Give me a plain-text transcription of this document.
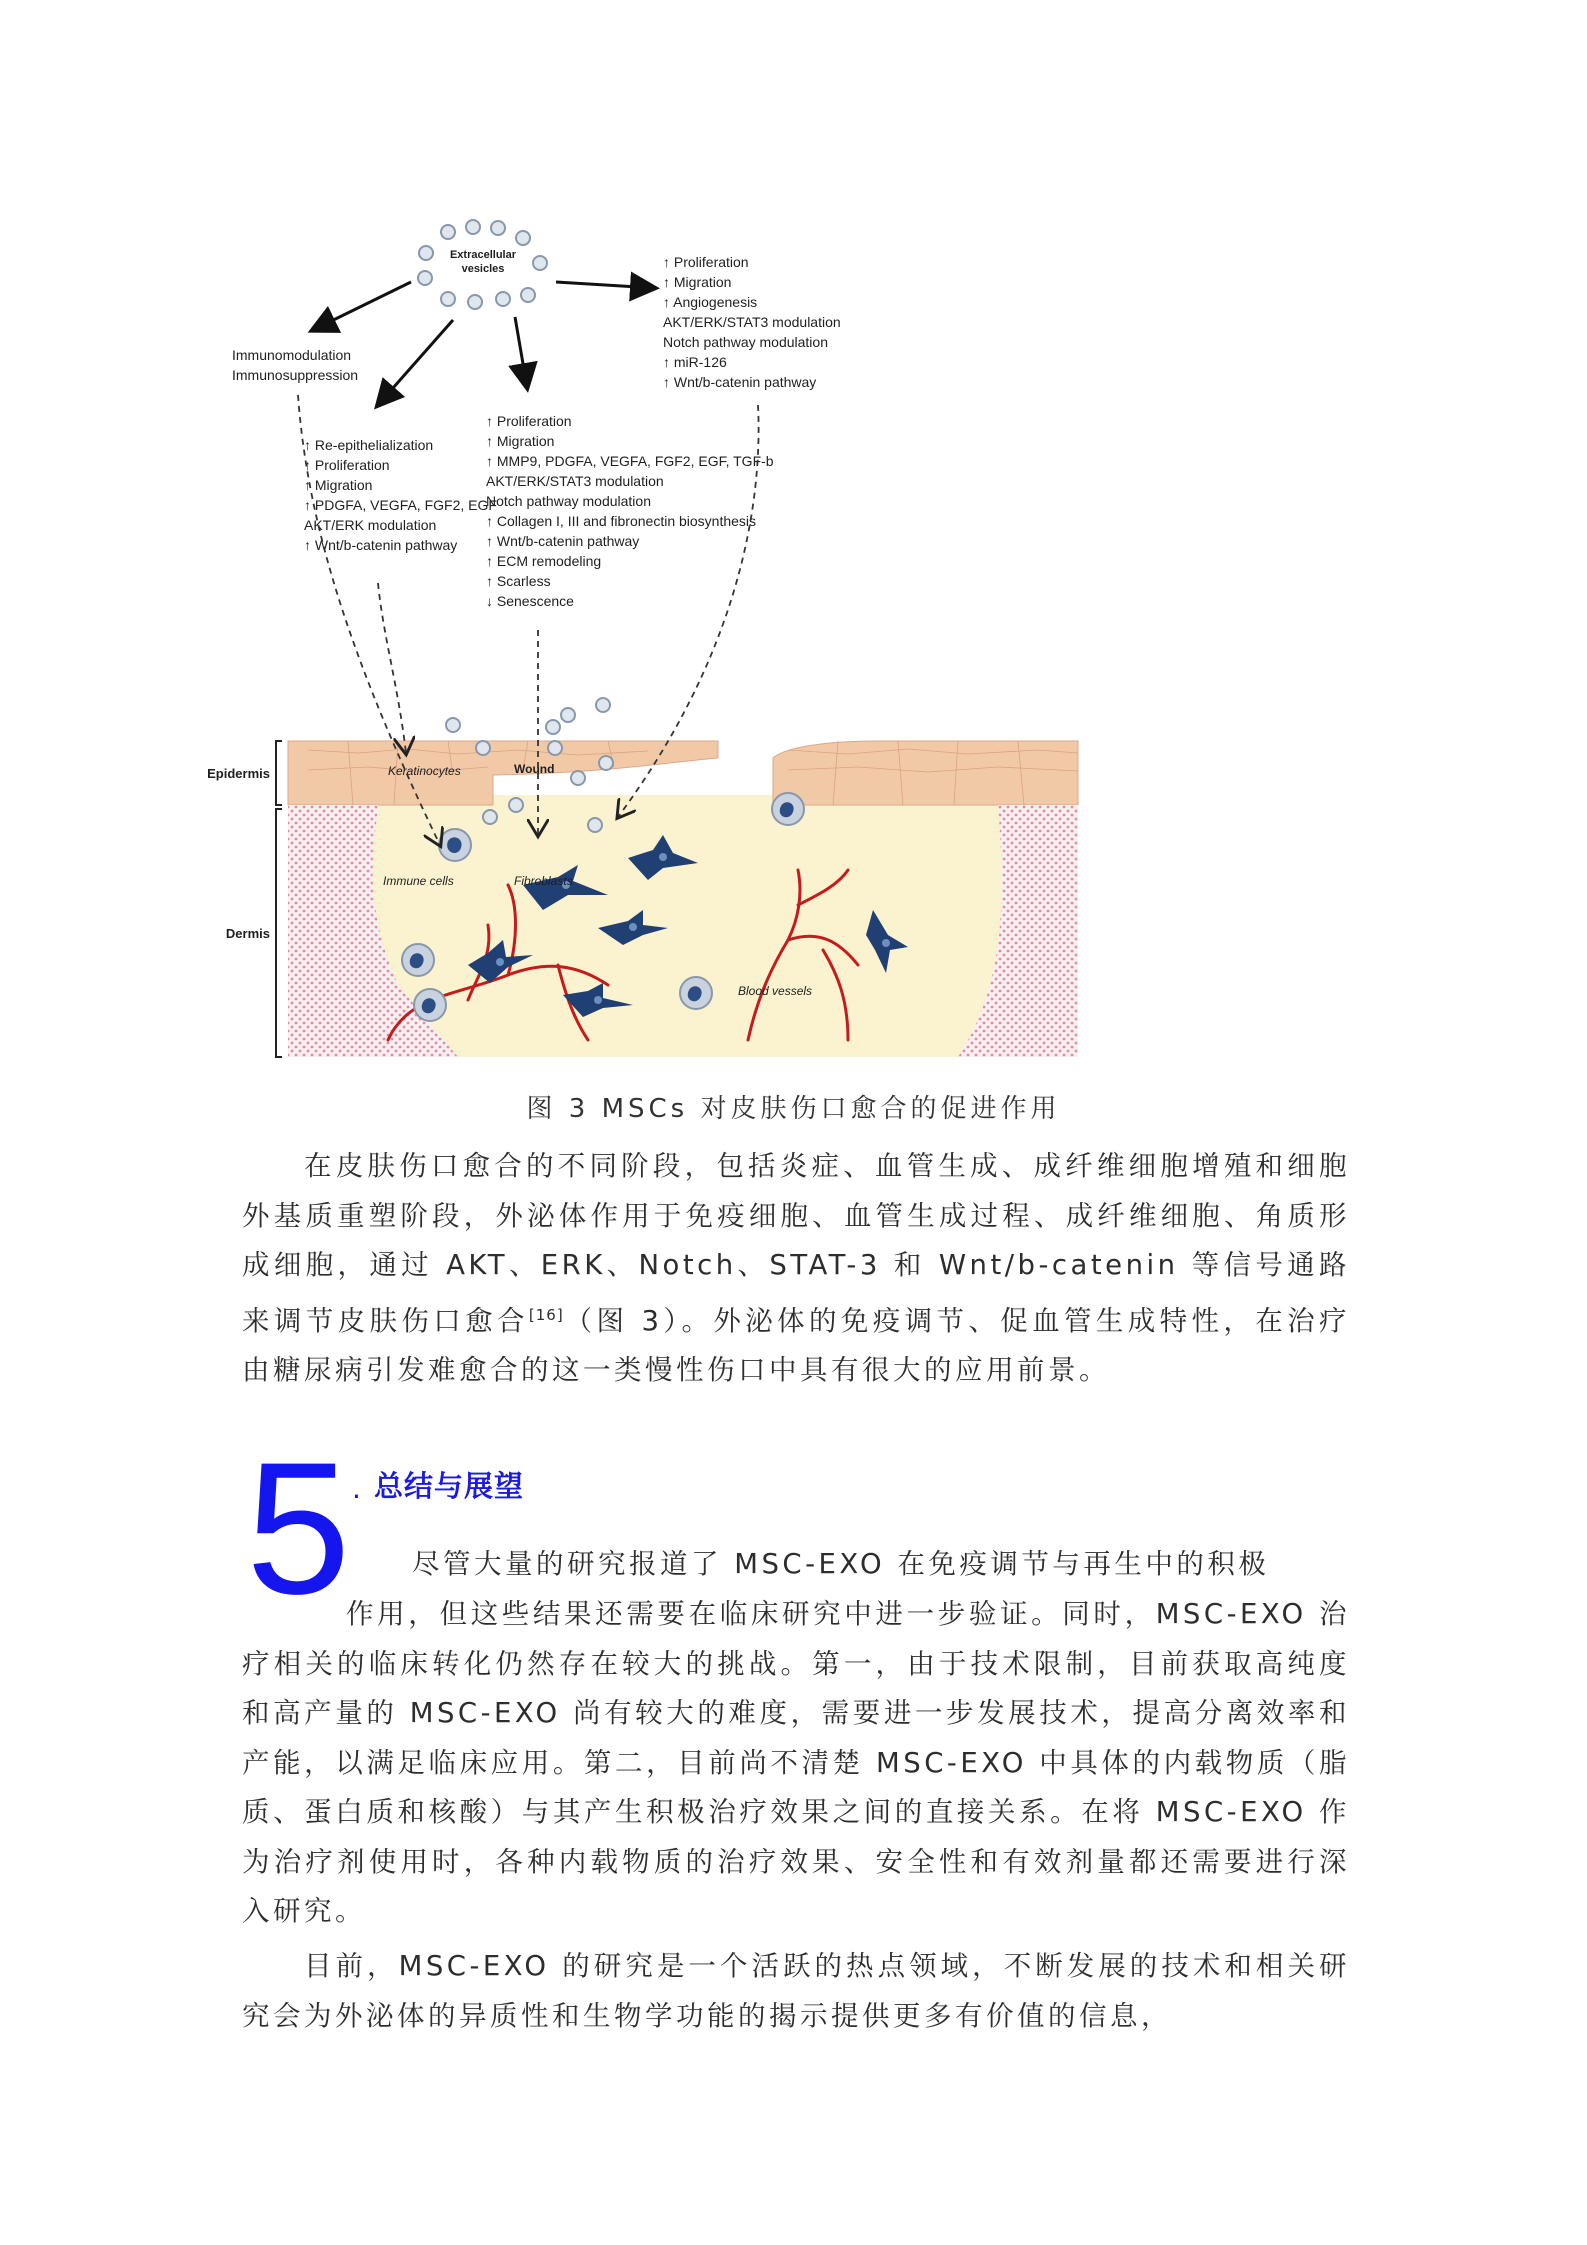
Extracellular
vesicles
Immunomodulation
Immunosuppression
↑ Re-epithelialization
↑ Proliferation
↑ Migration
↑ PDGFA, VEGFA, FGF2, EGF
AKT/ERK modulation
↑ Wnt/b-catenin pathway
↑ Proliferation
↑ Migration
↑ MMP9, PDGFA, VEGFA, FGF2, EGF, TGF-b
AKT/ERK/STAT3 modulation
Notch pathway modulation
↑ Collagen I, III and fibronectin biosynthesis
↑ Wnt/b-catenin pathway
↑ ECM remodeling
↑ Scarless
↓ Senescence
↑ Proliferation
↑ Migration
↑ Angiogenesis
AKT/ERK/STAT3 modulation
Notch pathway modulation
↑ miR-126
↑ Wnt/b-catenin pathway
Epidermis
Dermis
Keratinocytes	Wound
Immune cells	Fibroblasts
Blood vessels
图 3 MSCs 对皮肤伤口愈合的促进作用

在皮肤伤口愈合的不同阶段，包括炎症、血管生成、成纤维细胞增殖和细胞外基质重塑阶段，外泌体作用于免疫细胞、血管生成过程、成纤维细胞、角质形成细胞，通过 AKT、ERK、Notch、STAT-3 和 Wnt/b-catenin 等信号通路来调节皮肤伤口愈合[16]（图 3）。外泌体的免疫调节、促血管生成特性，在治疗由糖尿病引发难愈合的这一类慢性伤口中具有很大的应用前景。

5 . 总结与展望

尽管大量的研究报道了 MSC-EXO 在免疫调节与再生中的积极

作用，但这些结果还需要在临床研究中进一步验证。同时，MSC-EXO 治疗相关的临床转化仍然存在较大的挑战。第一，由于技术限制，目前获取高纯度和高产量的 MSC-EXO 尚有较大的难度，需要进一步发展技术，提高分离效率和产能，以满足临床应用。第二，目前尚不清楚 MSC-EXO 中具体的内载物质（脂质、蛋白质和核酸）与其产生积极治疗效果之间的直接关系。在将 MSC-EXO 作为治疗剂使用时，各种内载物质的治疗效果、安全性和有效剂量都还需要进行深入研究。

目前，MSC-EXO 的研究是一个活跃的热点领域，不断发展的技术和相关研究会为外泌体的异质性和生物学功能的揭示提供更多有价值的信息，
